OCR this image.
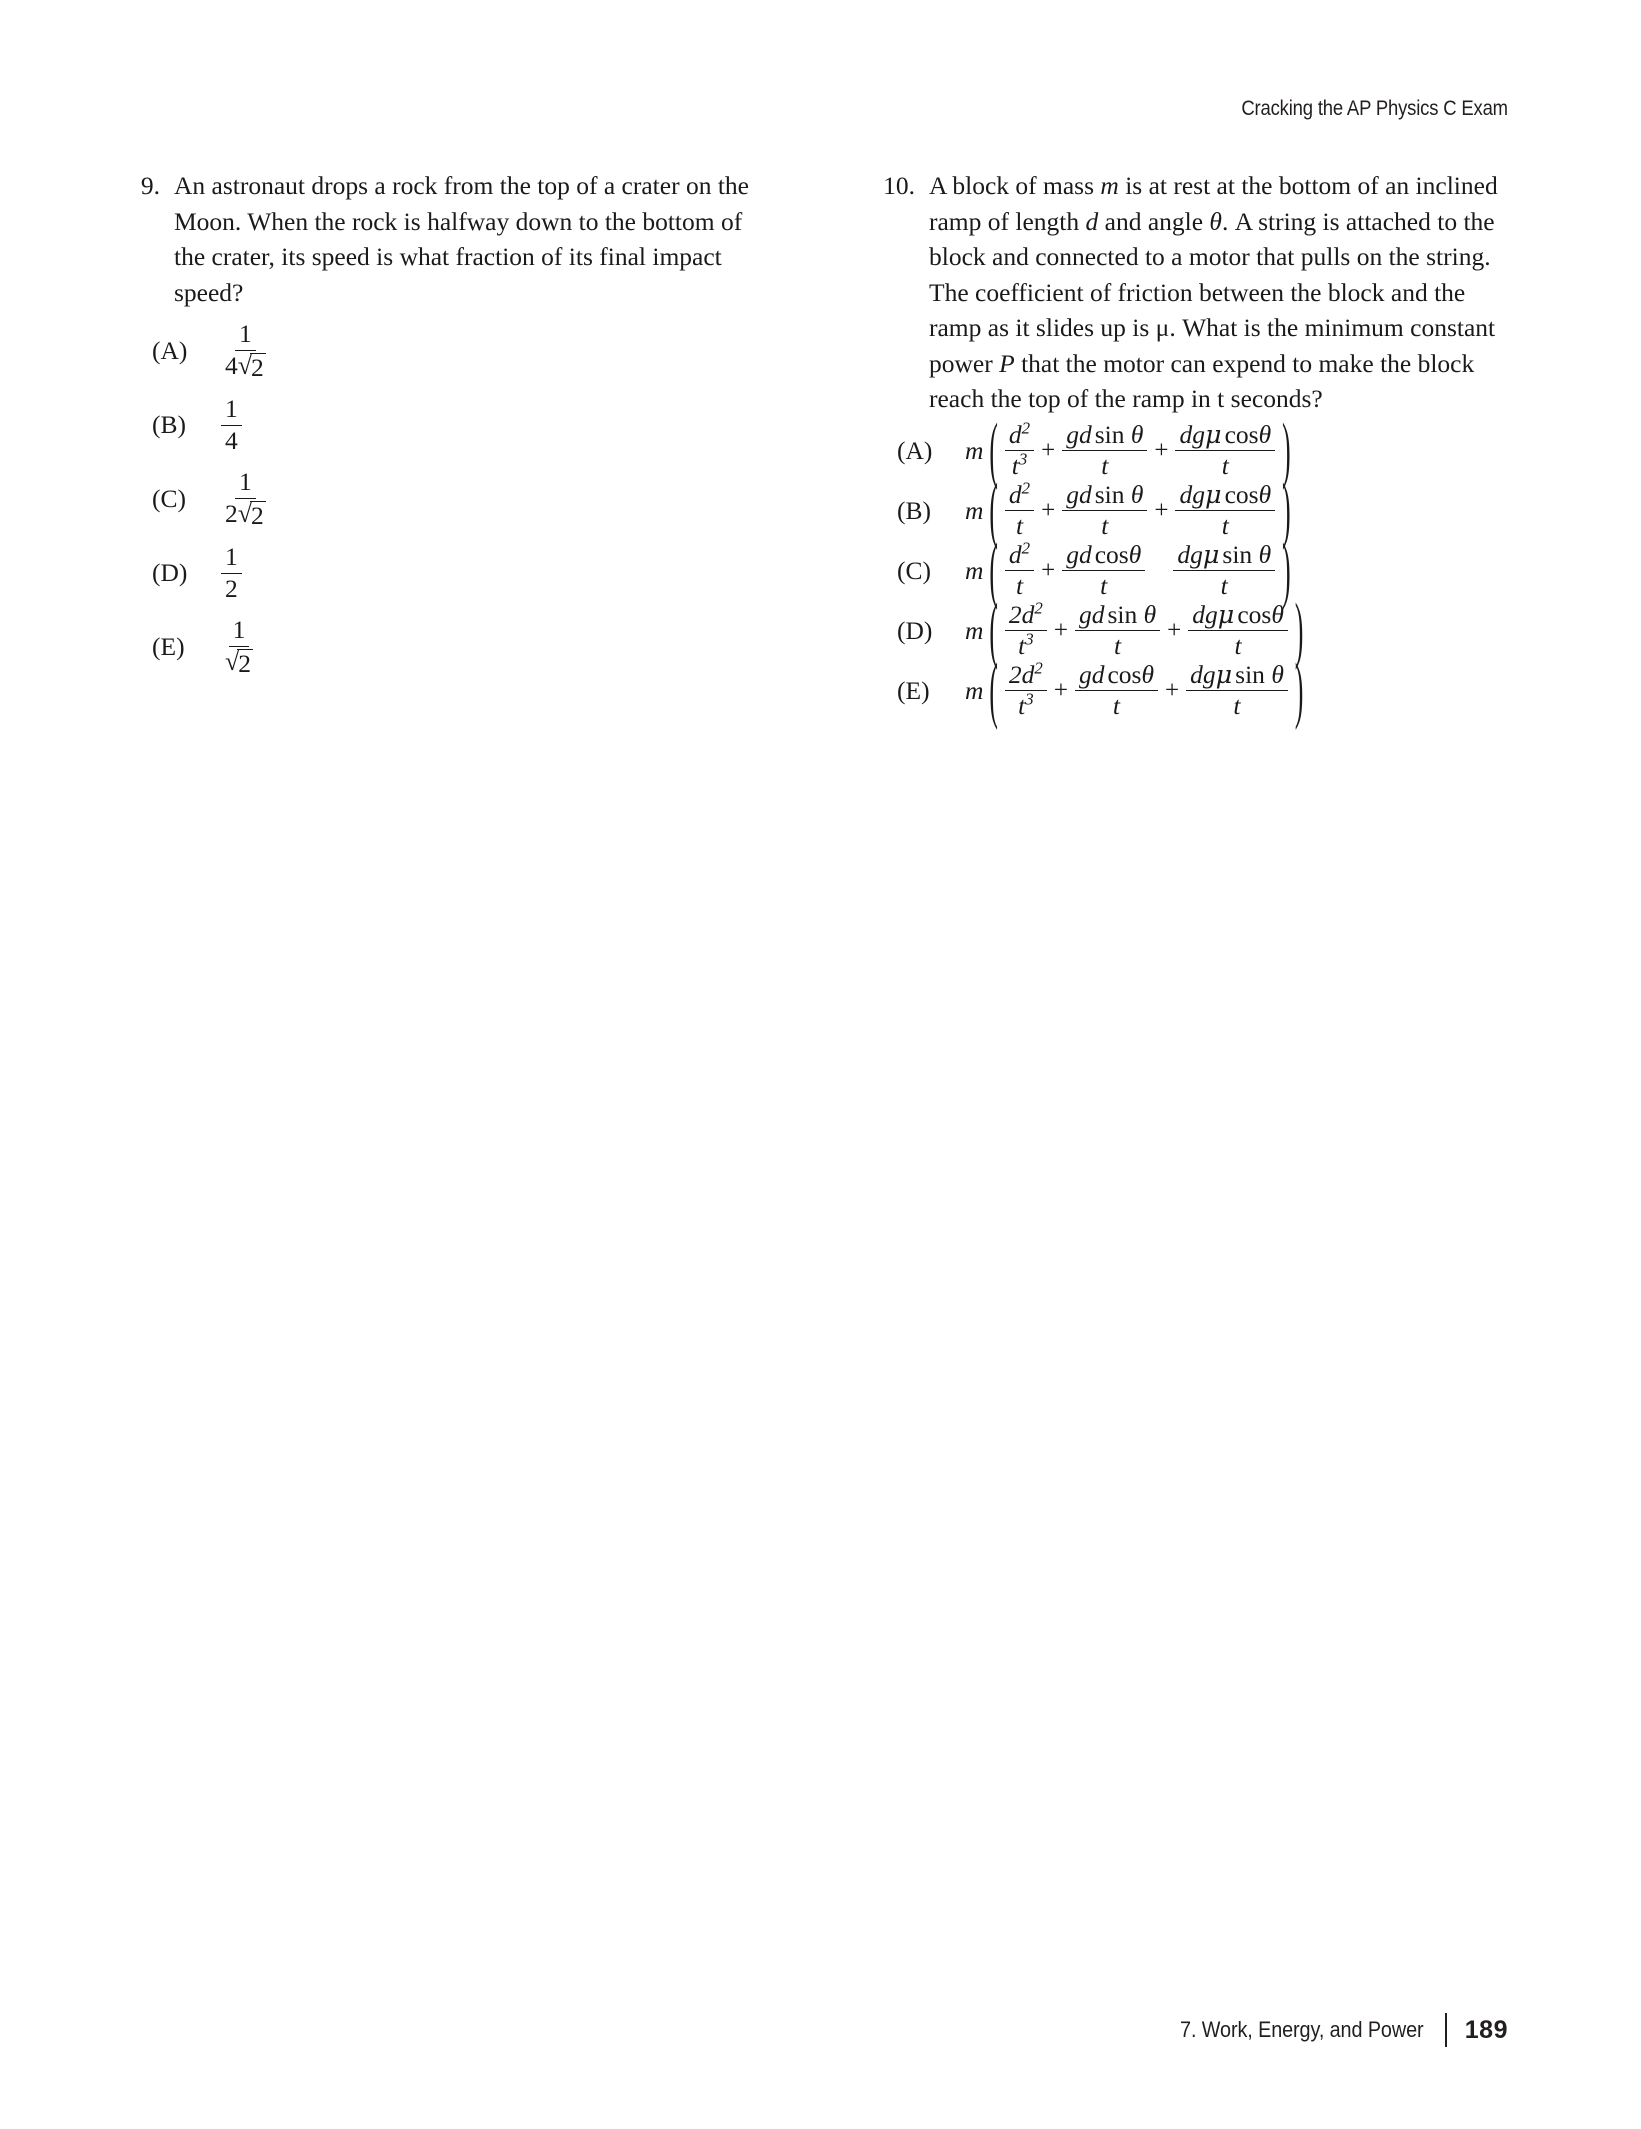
Cracking the AP Physics C Exam
9. An astronaut drops a rock from the top of a crater on the
Moon. When the rock is halfway down to the bottom of
the crater, its speed is what fraction of its final impact
speed?
(A)	$\frac{1}{4 √ 2}$
(B)	$\frac{1}{4}$
(C)	$\frac{1}{2 √ 2}$
(D)	$\frac{1}{2}$
(E)	$\frac{1}{√ 2}$
10. A block of mass m is at rest at the bottom of an inclined
ramp of length d and angle θ. A string is attached to the
block and connected to a motor that pulls on the string.
The coefficient of friction between the block and the
ramp as it slides up is μ. What is the minimum constant
power P that the motor can expend to make the block
reach the top of the ramp in t seconds?
(A)	m ( $\frac{d^2}{t^3} + \frac{\text{gd sin θ}}{t} + \frac{\text{dgμ cosθ}}{t}$ )
(B)	m ( $\frac{d^2}{t} + \frac{\text{gd sin θ}}{t} + \frac{\text{dgμ cosθ}}{t}$ )
(C)	m ( $\frac{d^2}{t} + \frac{\text{gd cosθ}}{t} \frac{\text{dgμ sin θ}}{t}$ )
(D)	m ( $\frac{2d^2}{t^3} + \frac{\text{gd sin θ}}{t} + \frac{\text{dgμ cosθ}}{t}$ )
(E)	m ( $\frac{2d^2}{t^3} + \frac{\text{gd cosθ}}{t} + \frac{\text{dgμ sin θ}}{t}$ )
7. Work, Energy, and Power 189
